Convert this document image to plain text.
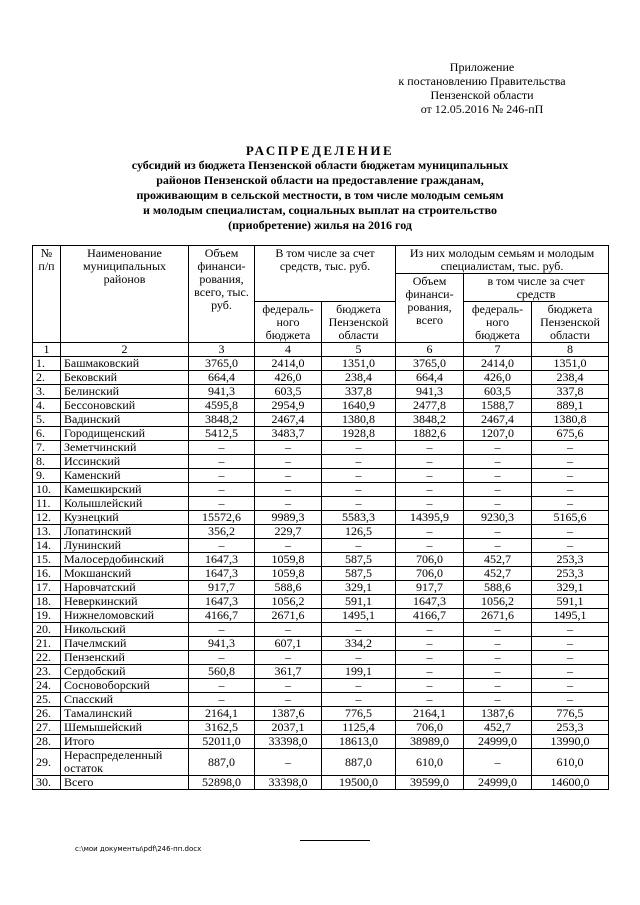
Приложение
к постановлению Правительства
Пензенской области
от 12.05.2016 № 246-пП
РАСПРЕДЕЛЕНИЕ
субсидий из бюджета Пензенской области бюджетам муниципальных
районов Пензенской области на предоставление гражданам,
проживающим в сельской местности, в том числе молодым семьям
и молодым специалистам, социальных выплат на строительство
(приобретение) жилья на 2016 год
№ п/п	Наименование муниципальных районов	Объем финанси-рования, всего, тыс. руб.	В том числе за счет средств, тыс. руб.		Из них молодым семьям и молодым специалистам, тыс. руб.		
					Объем финанси-рования, всего	в том числе за счет средств	
			федераль-ного бюджета	бюджета Пензенской области		федераль-ного бюджета	бюджета Пензенской области
1	2	3	4	5	6	7	8
1.	Башмаковский	3765,0	2414,0	1351,0	3765,0	2414,0	1351,0
2.	Бековский	664,4	426,0	238,4	664,4	426,0	238,4
3.	Белинский	941,3	603,5	337,8	941,3	603,5	337,8
4.	Бессоновский	4595,8	2954,9	1640,9	2477,8	1588,7	889,1
5.	Вадинский	3848,2	2467,4	1380,8	3848,2	2467,4	1380,8
6.	Городищенский	5412,5	3483,7	1928,8	1882,6	1207,0	675,6
7.	Земетчинский	–	–	–	–	–	–
8.	Иссинский	–	–	–	–	–	–
9.	Каменский	–	–	–	–	–	–
10.	Камешкирский	–	–	–	–	–	–
11.	Колышлейский	–	–	–	–	–	–
12.	Кузнецкий	15572,6	9989,3	5583,3	14395,9	9230,3	5165,6
13.	Лопатинский	356,2	229,7	126,5	–	–	–
14.	Лунинский	–	–	–	–	–	–
15.	Малосердобинский	1647,3	1059,8	587,5	706,0	452,7	253,3
16.	Мокшанский	1647,3	1059,8	587,5	706,0	452,7	253,3
17.	Наровчатский	917,7	588,6	329,1	917,7	588,6	329,1
18.	Неверкинский	1647,3	1056,2	591,1	1647,3	1056,2	591,1
19.	Нижнеломовский	4166,7	2671,6	1495,1	4166,7	2671,6	1495,1
20.	Никольский	–	–	–	–	–	–
21.	Пачелмский	941,3	607,1	334,2	–	–	–
22.	Пензенский	–	–	–	–	–	–
23.	Сердобский	560,8	361,7	199,1	–	–	–
24.	Сосновоборский	–	–	–	–	–	–
25.	Спасский	–	–	–	–	–	–
26.	Тамалинский	2164,1	1387,6	776,5	2164,1	1387,6	776,5
27.	Шемышейский	3162,5	2037,1	1125,4	706,0	452,7	253,3
28.	Итого	52011,0	33398,0	18613,0	38989,0	24999,0	13990,0
29.	Нераспределенный остаток	887,0	–	887,0	610,0	–	610,0
30.	Всего	52898,0	33398,0	19500,0	39599,0	24999,0	14600,0
c:\мои документы\pdf\246-пп.docx
